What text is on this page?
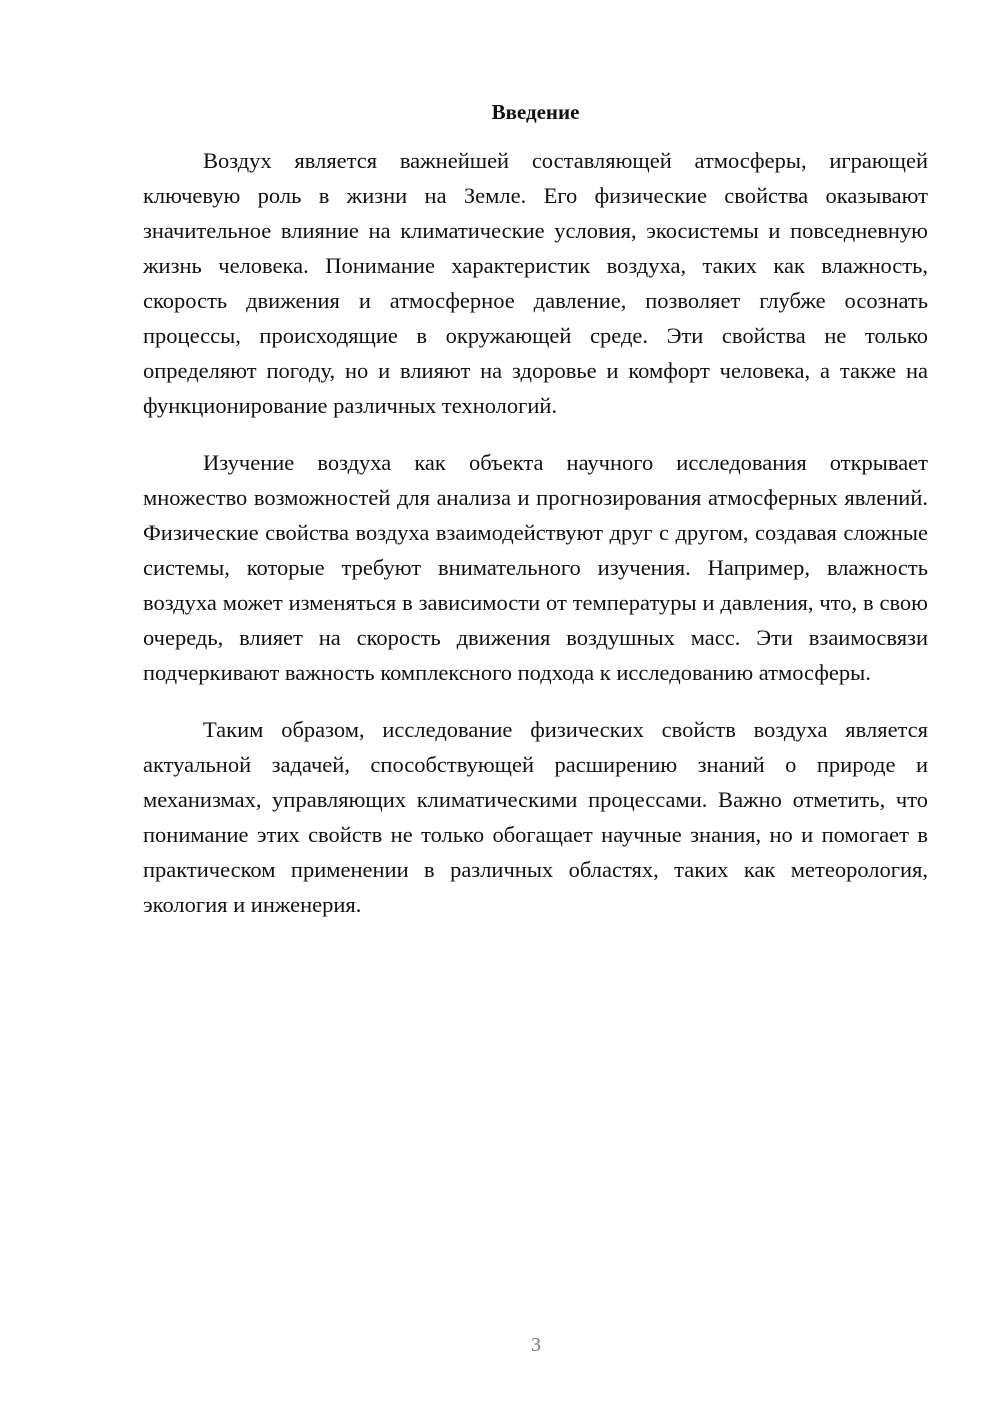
Введение

Воздух является важнейшей составляющей атмосферы, играющей ключевую роль в жизни на Земле. Его физические свойства оказывают значительное влияние на климатические условия, экосистемы и повседневную жизнь человека. Понимание характеристик воздуха, таких как влажность, скорость движения и атмосферное давление, позволяет глубже осознать процессы, происходящие в окружающей среде. Эти свойства не только определяют погоду, но и влияют на здоровье и комфорт человека, а также на функционирование различных технологий.

Изучение воздуха как объекта научного исследования открывает множество возможностей для анализа и прогнозирования атмосферных явлений. Физические свойства воздуха взаимодействуют друг с другом, создавая сложные системы, которые требуют внимательного изучения. Например, влажность воздуха может изменяться в зависимости от температуры и давления, что, в свою очередь, влияет на скорость движения воздушных масс. Эти взаимосвязи подчеркивают важность комплексного подхода к исследованию атмосферы.

Таким образом, исследование физических свойств воздуха является актуальной задачей, способствующей расширению знаний о природе и механизмах, управляющих климатическими процессами. Важно отметить, что понимание этих свойств не только обогащает научные знания, но и помогает в практическом применении в различных областях, таких как метеорология, экология и инженерия.

3
